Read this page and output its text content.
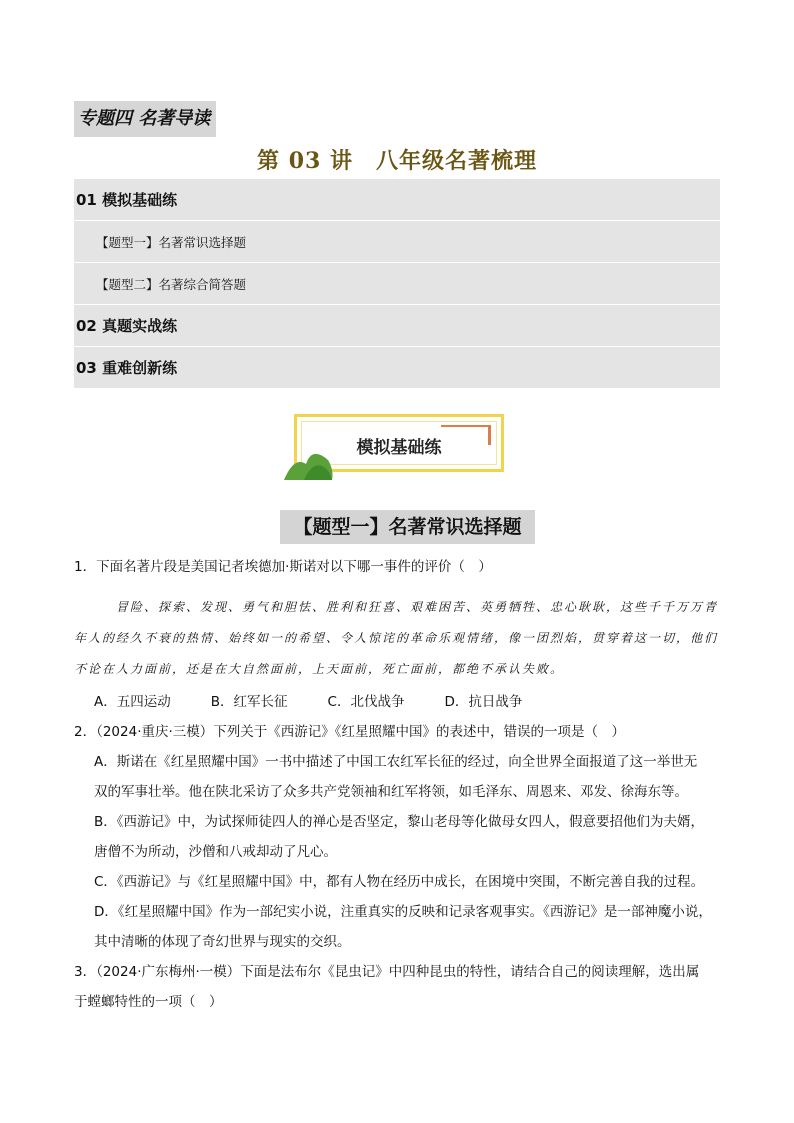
专题四 名著导读
第 03 讲　八年级名著梳理
01 模拟基础练
【题型一】名著常识选择题
【题型二】名著综合简答题
02 真题实战练
03 重难创新练
模拟基础练
【题型一】名著常识选择题

1．下面名著片段是美国记者埃德加·斯诺对以下哪一事件的评价（　）

冒险、探索、发现、勇气和胆怯、胜利和狂喜、艰难困苦、英勇牺牲、忠心耿耿，这些千千万万青
年人的经久不衰的热情、始终如一的希望、令人惊诧的革命乐观情绪，像一团烈焰，贯穿着这一切，他们
不论在人力面前，还是在大自然面前，上天面前，死亡面前，都绝不承认失败。
A．五四运动	B．红军长征	C．北伐战争	D．抗日战争

2．（2024·重庆·三模）下列关于《西游记》《红星照耀中国》的表述中，错误的一项是（　）

A．斯诺在《红星照耀中国》一书中描述了中国工农红军长征的经过，向全世界全面报道了这一举世无
双的军事壮举。他在陕北采访了众多共产党领袖和红军将领，如毛泽东、周恩来、邓发、徐海东等。
B．《西游记》中，为试探师徒四人的禅心是否坚定，黎山老母等化做母女四人，假意要招他们为夫婿，
唐僧不为所动，沙僧和八戒却动了凡心。
C．《西游记》与《红星照耀中国》中，都有人物在经历中成长，在困境中突围，不断完善自我的过程。
D．《红星照耀中国》作为一部纪实小说，注重真实的反映和记录客观事实。《西游记》是一部神魔小说，
其中清晰的体现了奇幻世界与现实的交织。

3．（2024·广东梅州·一模）下面是法布尔《昆虫记》中四种昆虫的特性，请结合自己的阅读理解，选出属

于螳螂特性的一项（　）
